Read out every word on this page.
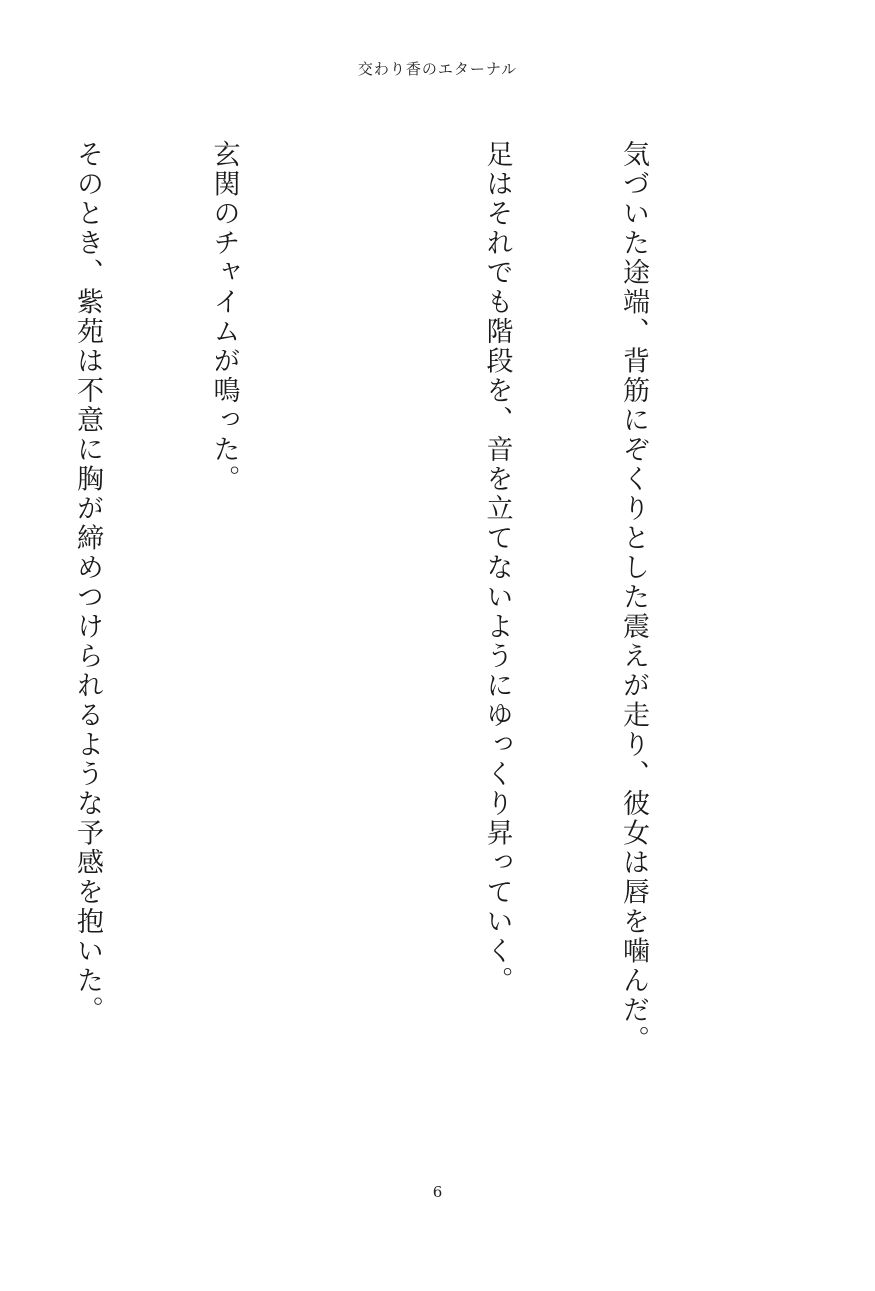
交わり香のエターナル

気づいた途端、背筋にぞくりとした震えが走り、彼女は唇を噛んだ。

足はそれでも階段を、音を立てないようにゆっくり昇っていく。

玄関のチャイムが鳴った。

そのとき、紫苑は不意に胸が締めつけられるような予感を抱いた。

6
